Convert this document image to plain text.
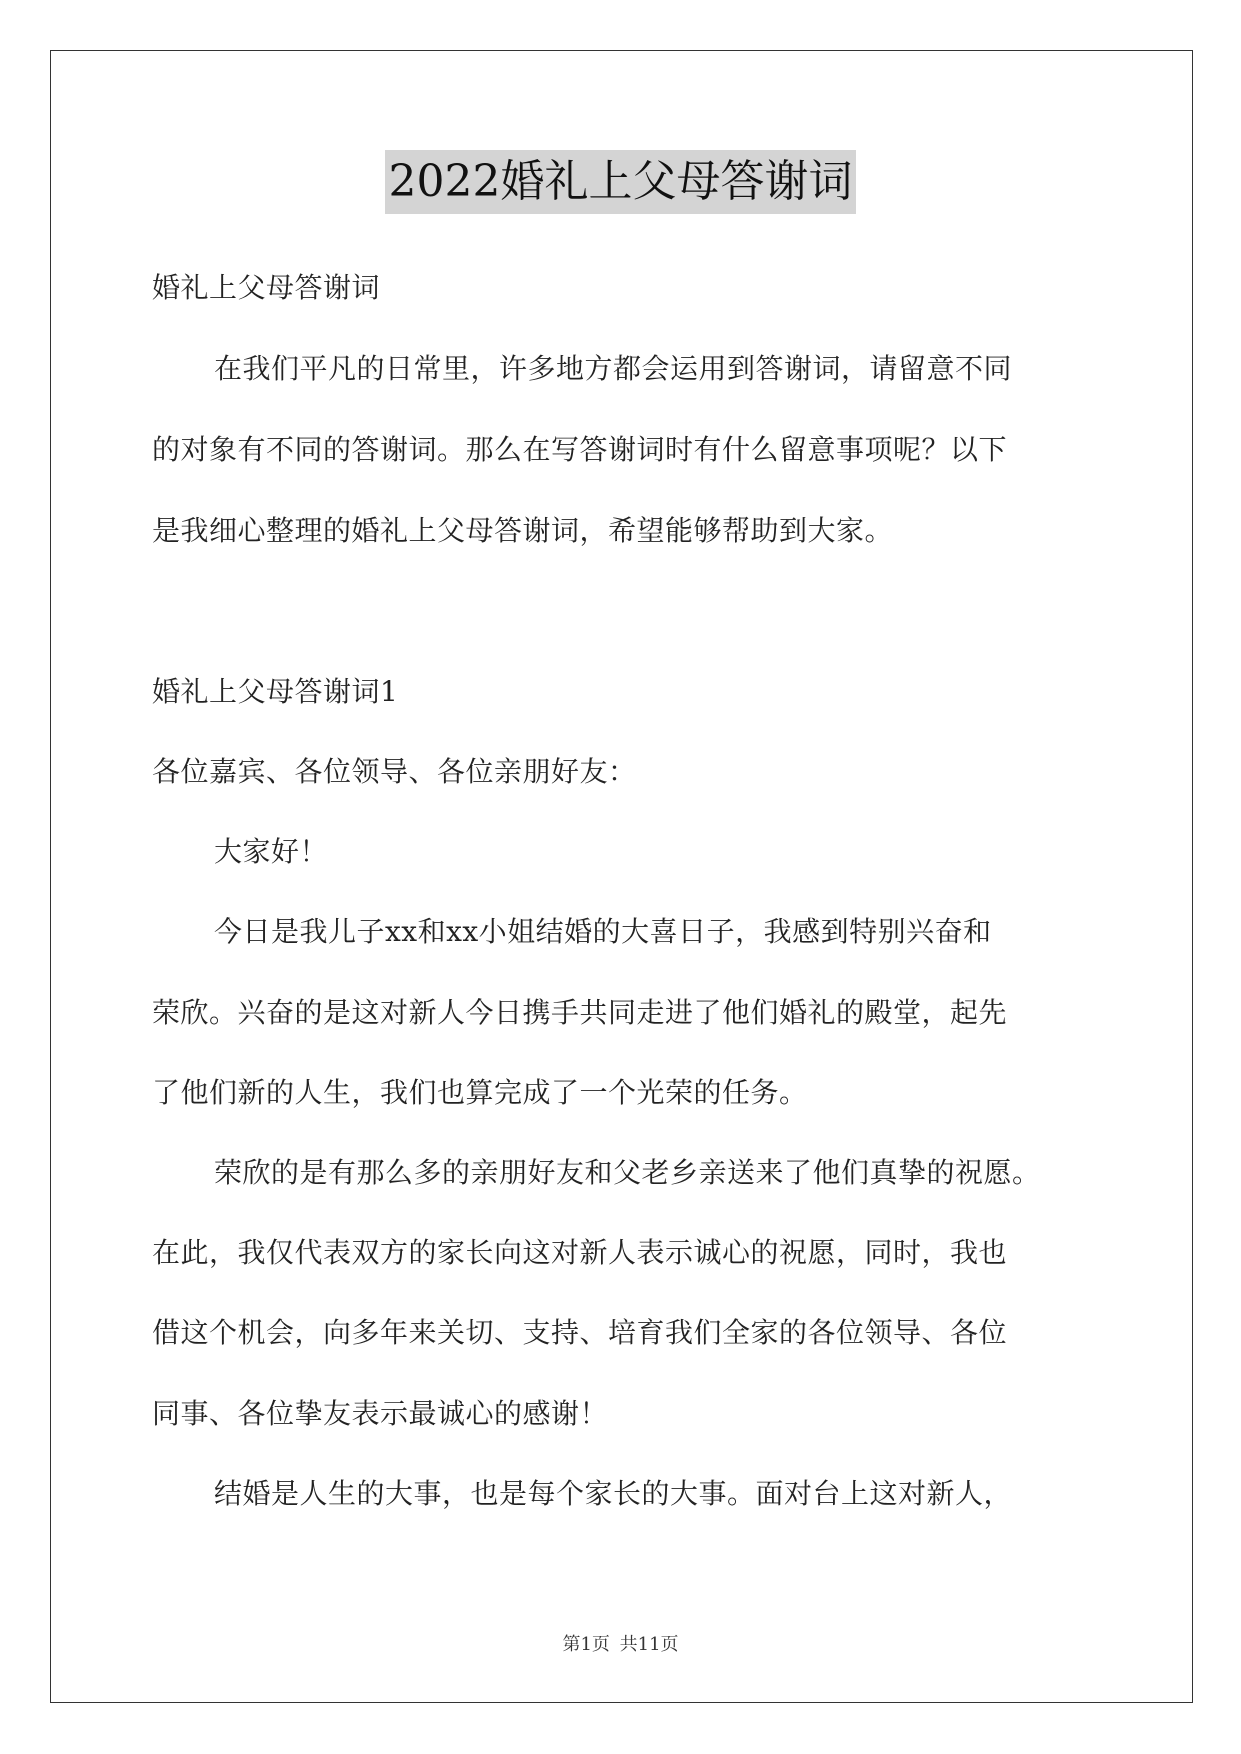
2022婚礼上父母答谢词
婚礼上父母答谢词
在我们平凡的日常里，许多地方都会运用到答谢词，请留意不同
的对象有不同的答谢词。那么在写答谢词时有什么留意事项呢？以下
是我细心整理的婚礼上父母答谢词，希望能够帮助到大家。
婚礼上父母答谢词1
各位嘉宾、各位领导、各位亲朋好友：
大家好！
今日是我儿子xx和xx小姐结婚的大喜日子，我感到特别兴奋和
荣欣。兴奋的是这对新人今日携手共同走进了他们婚礼的殿堂，起先
了他们新的人生，我们也算完成了一个光荣的任务。
荣欣的是有那么多的亲朋好友和父老乡亲送来了他们真挚的祝愿。
在此，我仅代表双方的家长向这对新人表示诚心的祝愿，同时，我也
借这个机会，向多年来关切、支持、培育我们全家的各位领导、各位
同事、各位挚友表示最诚心的感谢！
结婚是人生的大事，也是每个家长的大事。面对台上这对新人，
第1页 共11页
